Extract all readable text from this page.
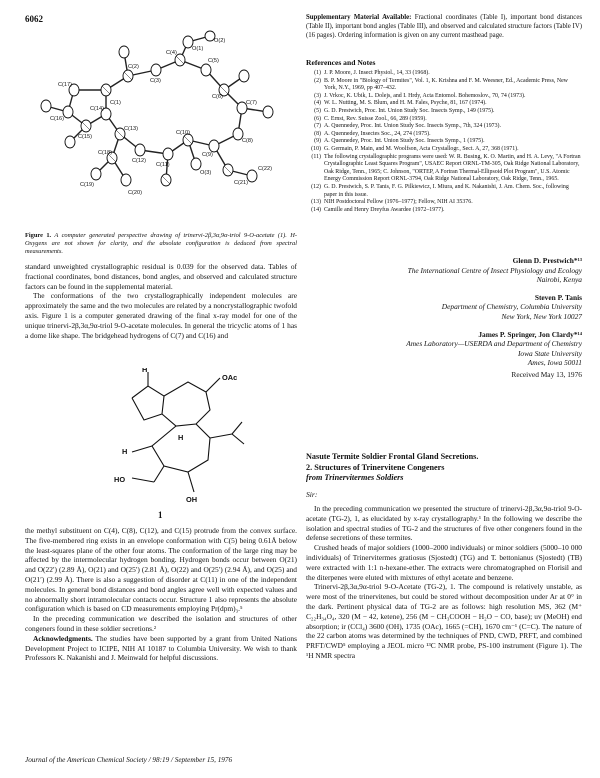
6062
C(1)
C(2)
C(3)
C(4)
C(5)
C(6)
C(7)
C(8)
C(9)
C(10)
C(11)
C(12)
C(13)
C(14)
C(15)
C(16)
C(17)
C(18)
C(19)
C(20)
O(1)
O(2)
O(3)
C(21)
C(22)
Figure 1. A computer generated perspective drawing of trinervi-2β,3α,9α-triol 9-O-acetate (1). H-Oxygens are not shown for clarity, and the absolute configuration is deduced from spectral measurements.

standard unweighted crystallographic residual is 0.039 for the observed data. Tables of fractional coordinates, bond distances, bond angles, and observed and calculated structure factors can be found in the supplemental material.

The conformations of the two crystallographically independent molecules are approximately the same and the two molecules are related by a noncrystallographic twofold axis. Figure 1 is a computer generated drawing of the final x-ray model for one of the unique trinervi-2β,3α,9α-triol 9-O-acetate molecules. In general the tricyclic atoms of 1 has a dome like shape. The bridgehead hydrogens of C(7) and C(16) and

H
OAc
H
HO
OH
H
1

the methyl substituent on C(4), C(8), C(12), and C(15) protrude from the convex surface. The five-membered ring exists in an envelope conformation with C(5) being 0.61Å below the least-squares plane of the other four atoms. The conformation of the large ring may be affected by the intermolecular hydrogen bonding. Hydrogen bonds occur between O(21) and O(22′) (2.89 Å), O(21) and O(25′) (2.81 Å), O(22) and O(25′) (2.94 Å), and O(25) and O(21′) (2.99 Å). There is also a suggestion of disorder at C(11) in one of the independent molecules. In general bond distances and bond angles agree well with expected values and no abnormally short intramolecular contacts occur. Structure 1 also represents the absolute configuration which is based on CD measurements employing Pr(dpm)₃.⁵

In the preceding communication we described the isolation and structures of other congeners found in these soldier secretions.²

Acknowledgments. The studies have been supported by a grant from United Nations Development Project to ICIPE, NIH AI 10187 to Columbia University. We wish to thank Professors K. Nakanishi and J. Meinwald for helpful discussions.

Supplementary Material Available: Fractional coordinates (Table I), important bond distances (Table II), important bond angles (Table III), and observed and calculated structure factors (Table IV) (16 pages). Ordering information is given on any current masthead page.
References and Notes
(1) J. P. Moore, J. Insect Physiol., 14, 33 (1968).
(2) B. P. Moore in "Biology of Termites", Vol. 1, K. Krishna and F. M. Weesner, Ed., Academic Press, New York, N.Y., 1969, pp 407–432.
(3) J. Vrkoc, K. Ubik, L. Dolejs, and I. Hrdy, Acta Entomol. Bohemoslov., 70, 74 (1973).
(4) W. L. Nutting, M. S. Blum, and H. M. Fales, Psyche, 81, 167 (1974).
(5) G. D. Prestwich, Proc. Int. Union Study Soc. Insects Symp., 149 (1975).
(6) C. Ernst, Rev. Suisse Zool., 66, 289 (1959).
(7) A. Quennedey, Proc. Int. Union Study Soc. Insects Symp., 7th, 324 (1973).
(8) A. Quennedey, Insectes Soc., 24, 274 (1975).
(9) A. Quennedey, Proc. Int. Union Study Soc. Insects Symp., 1 (1975).
(10) G. Germain, P. Main, and M. Woolfson, Acta Crystallogr., Sect. A, 27, 368 (1971).
(11) The following crystallographic programs were used: W. R. Busing, K. O. Martin, and H. A. Levy, "A Fortran Crystallographic Least Squares Program", USAEC Report ORNL-TM-305, Oak Ridge National Laboratory, Oak Ridge, Tenn., 1965; C. Johnson, "ORTEP, A Fortran Thermal-Ellipsoid Plot Program", U.S. Atomic Energy Commission Report ORNL-3794, Oak Ridge National Laboratory, Oak Ridge, Tenn., 1965.
(12) G. D. Prestwich, S. P. Tanis, F. G. Pilkiewicz, I. Miura, and K. Nakanishi, J. Am. Chem. Soc., following paper in this issue.
(13) NIH Postdoctoral Fellow (1976–1977); Fellow, NIH AI 35376.
(14) Camille and Henry Dreyfus Awardee (1972–1977).
Glenn D. Prestwich*¹³
The International Centre of Insect Physiology and Ecology
Nairobi, Kenya
Steven P. Tanis
Department of Chemistry, Columbia University
New York, New York 10027
James P. Springer, Jon Clardy*¹⁴
Ames Laboratory—USERDA and Department of Chemistry
Iowa State University
Ames, Iowa 50011
Received May 13, 1976
Nasute Termite Soldier Frontal Gland Secretions.
2. Structures of Trinervitene Congeners
from Trinervitermes Soldiers
Sir:

In the preceding communication we presented the structure of trinervi-2β,3α,9α-triol 9-O-acetate (TG-2), 1, as elucidated by x-ray crystallography.¹ In the following we describe the isolation and spectral studies of TG-2 and the structures of five other congeners found in the defense secretions of these termites.

Crushed heads of major soldiers (1000–2000 individuals) or minor soldiers (5000–10 000 individuals) of Trinervitermes gratiosus (Sjostedt) (TG) and T. bettonianus (Sjostedt) (TB) were extracted with 1:1 n-hexane-ether. The extracts were chromatographed on Florisil and the diterpenes were eluted with mixtures of ethyl acetate and benzene.

Trinervi-2β,3α,9α-triol 9-O-Acetate (TG-2), 1. The compound is relatively unstable, as were most of the trinervitenes, but could be stored without decomposition under Ar at 0° in the dark. Pertinent physical data of TG-2 are as follows: high resolution MS, 362 (M⁺ C₂₂H₃₄O₄, 320 (M − 42, ketene), 256 (M − CH₃COOH − H₂O − CO, base); uv (MeOH) end absorption; ir (CCl₄) 3600 (OH), 1735 (OAc), 1665 (=CH), 1670 cm⁻¹ (C=C). The nature of the 22 carbon atoms was determined by the techniques of PND, CWD, PRFT, and combined PRFT/CWD⁵ employing a JEOL micro ¹³C NMR probe, PS-100 instrument (Figure 1). The ¹H NMR spectra

Journal of the American Chemical Society / 98:19 / September 15, 1976
